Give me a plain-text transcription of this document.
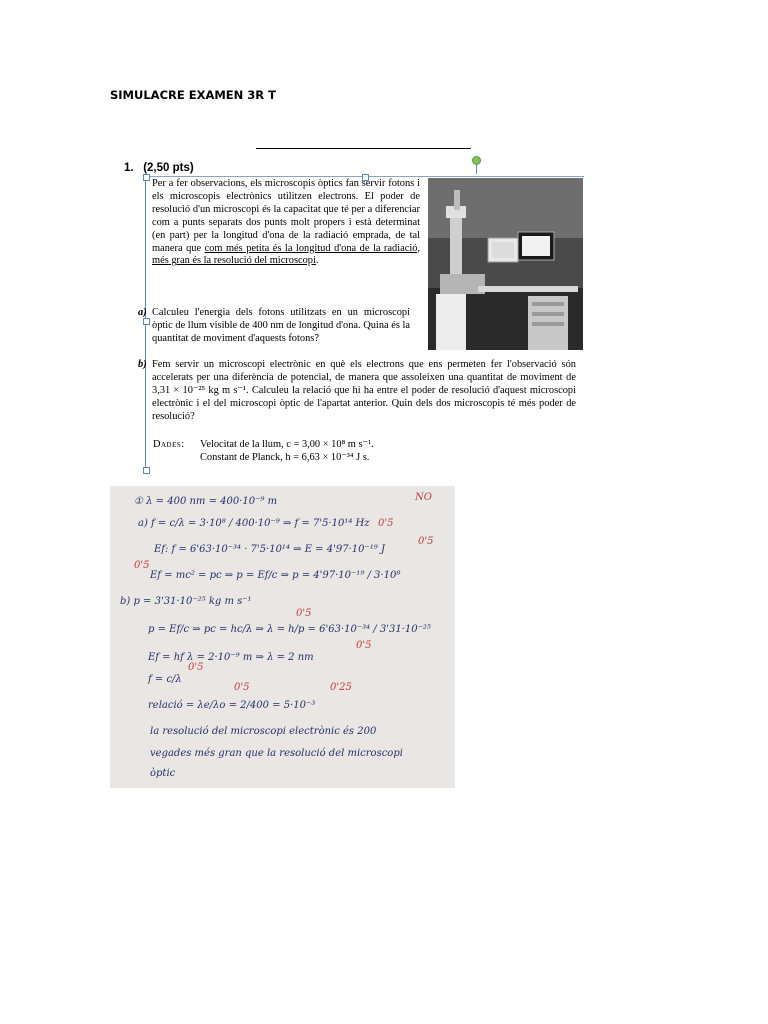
SIMULACRE EXAMEN 3R T
1. (2,50 pts)
Per a fer observacions, els microscopis òptics fan servir fotons i els microscopis electrònics utilitzen electrons. El poder de resolució d'un microscopi és la capacitat que té per a diferenciar com a punts separats dos punts molt propers i està determinat (en part) per la longitud d'ona de la radiació emprada, de tal manera que com més petita és la longitud d'ona de la radiació, més gran és la resolució del microscopi.
a) Calculeu l'energia dels fotons utilitzats en un microscopi òptic de llum visible de 400 nm de longitud d'ona. Quina és la quantitat de moviment d'aquests fotons?
b) Fem servir un microscopi electrònic en què els electrons que ens permeten fer l'observació són accelerats per una diferència de potencial, de manera que assoleixen una quantitat de moviment de 3,31 × 10⁻²⁵ kg m s⁻¹. Calculeu la relació que hi ha entre el poder de resolució d'aquest microscopi electrònic i el del microscopi òptic de l'apartat anterior. Quin dels dos microscopis té més poder de resolució?
Dades: Velocitat de la llum, c = 3,00 × 10⁸ m s⁻¹.
Constant de Planck, h = 6,63 × 10⁻³⁴ J s.
① λ = 400 nm = 400·10⁻⁹ m	NO
a) f = c/λ = 3·10⁸ / 400·10⁻⁹ ⇒ f = 7'5·10¹⁴ Hz 0'5
Ef: f = 6'63·10⁻³⁴ · 7'5·10¹⁴ ⇒ E = 4'97·10⁻¹⁹ J
0'5
0'5
Ef = mc² = pc ⇒ p = Ef/c ⇒ p = 4'97·10⁻¹⁹ / 3·10⁸
b) p = 3'31·10⁻²⁵ kg m s⁻¹
0'5
p = Ef/c ⇒ pc = hc/λ ⇒ λ = h/p = 6'63·10⁻³⁴ / 3'31·10⁻²⁵
0'5
Ef = hf λ = 2·10⁻⁹ m ⇒ λ = 2 nm
0'5
f = c/λ
0'5	0'25
relació = λe/λo = 2/400 = 5·10⁻³
la resolució del microscopi electrònic és 200
vegades més gran que la resolució del microscopi
òptic
